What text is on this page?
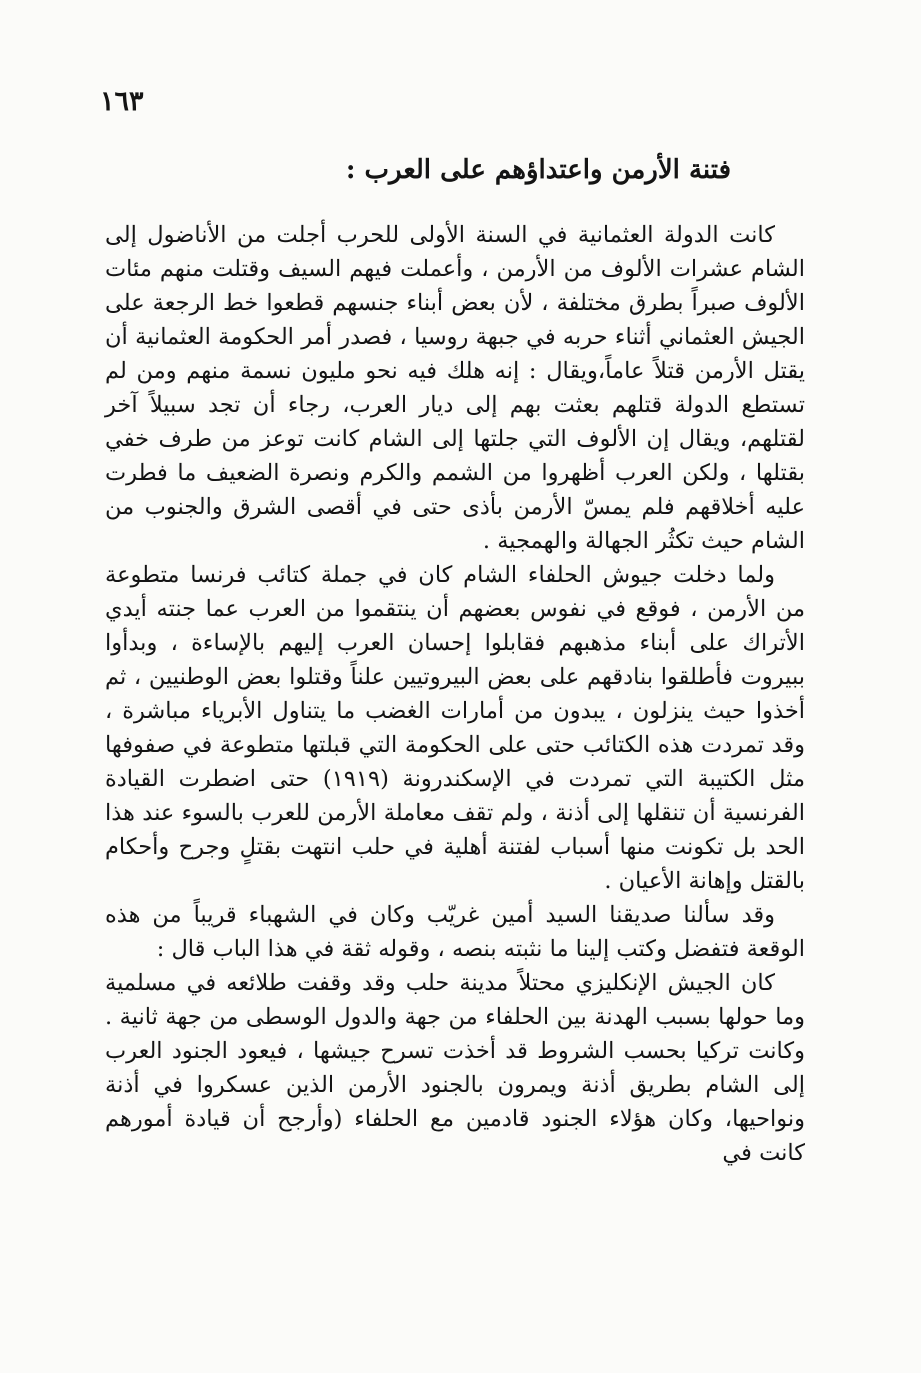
١٦٣

فتنة الأرمن واعتداؤهم على العرب :

كانت الدولة العثمانية في السنة الأولى للحرب أجلت من الأناضول إلى الشام عشرات الألوف من الأرمن ، وأعملت فيهم السيف وقتلت منهم مئات الألوف صبراً بطرق مختلفة ، لأن بعض أبناء جنسهم قطعوا خط الرجعة على الجيش العثماني أثناء حربه في جبهة روسيا ، فصدر أمر الحكومة العثمانية أن يقتل الأرمن قتلاً عاماً،ويقال : إنه هلك فيه نحو مليون نسمة منهم ومن لم تستطع الدولة قتلهم بعثت بهم إلى ديار العرب، رجاء أن تجد سبيلاً آخر لقتلهم، ويقال إن الألوف التي جلتها إلى الشام كانت توعز من طرف خفي بقتلها ، ولكن العرب أظهروا من الشمم والكرم ونصرة الضعيف ما فطرت عليه أخلاقهم فلم يمسّ الأرمن بأذى حتى في أقصى الشرق والجنوب من الشام حيث تكثُر الجهالة والهمجية .

ولما دخلت جيوش الحلفاء الشام كان في جملة كتائب فرنسا متطوعة من الأرمن ، فوقع في نفوس بعضهم أن ينتقموا من العرب عما جنته أيدي الأتراك على أبناء مذهبهم فقابلوا إحسان العرب إليهم بالإساءة ، وبدأوا ببيروت فأطلقوا بنادقهم على بعض البيروتيين علناً وقتلوا بعض الوطنيين ، ثم أخذوا حيث ينزلون ، يبدون من أمارات الغضب ما يتناول الأبرياء مباشرة ، وقد تمردت هذه الكتائب حتى على الحكومة التي قبلتها متطوعة في صفوفها مثل الكتيبة التي تمردت في الإسكندرونة (١٩١٩) حتى اضطرت القيادة الفرنسية أن تنقلها إلى أذنة ، ولم تقف معاملة الأرمن للعرب بالسوء عند هذا الحد بل تكونت منها أسباب لفتنة أهلية في حلب انتهت بقتلٍ وجرح وأحكام بالقتل وإهانة الأعيان .

وقد سألنا صديقنا السيد أمين غريّب وكان في الشهباء قريباً من هذه الوقعة فتفضل وكتب إلينا ما نثبته بنصه ، وقوله ثقة في هذا الباب قال :

كان الجيش الإنكليزي محتلاً مدينة حلب وقد وقفت طلائعه في مسلمية وما حولها بسبب الهدنة بين الحلفاء من جهة والدول الوسطى من جهة ثانية . وكانت تركيا بحسب الشروط قد أخذت تسرح جيشها ، فيعود الجنود العرب إلى الشام بطريق أذنة ويمرون بالجنود الأرمن الذين عسكروا في أذنة ونواحيها، وكان هؤلاء الجنود قادمين مع الحلفاء (وأرجح أن قيادة أمورهم كانت في
